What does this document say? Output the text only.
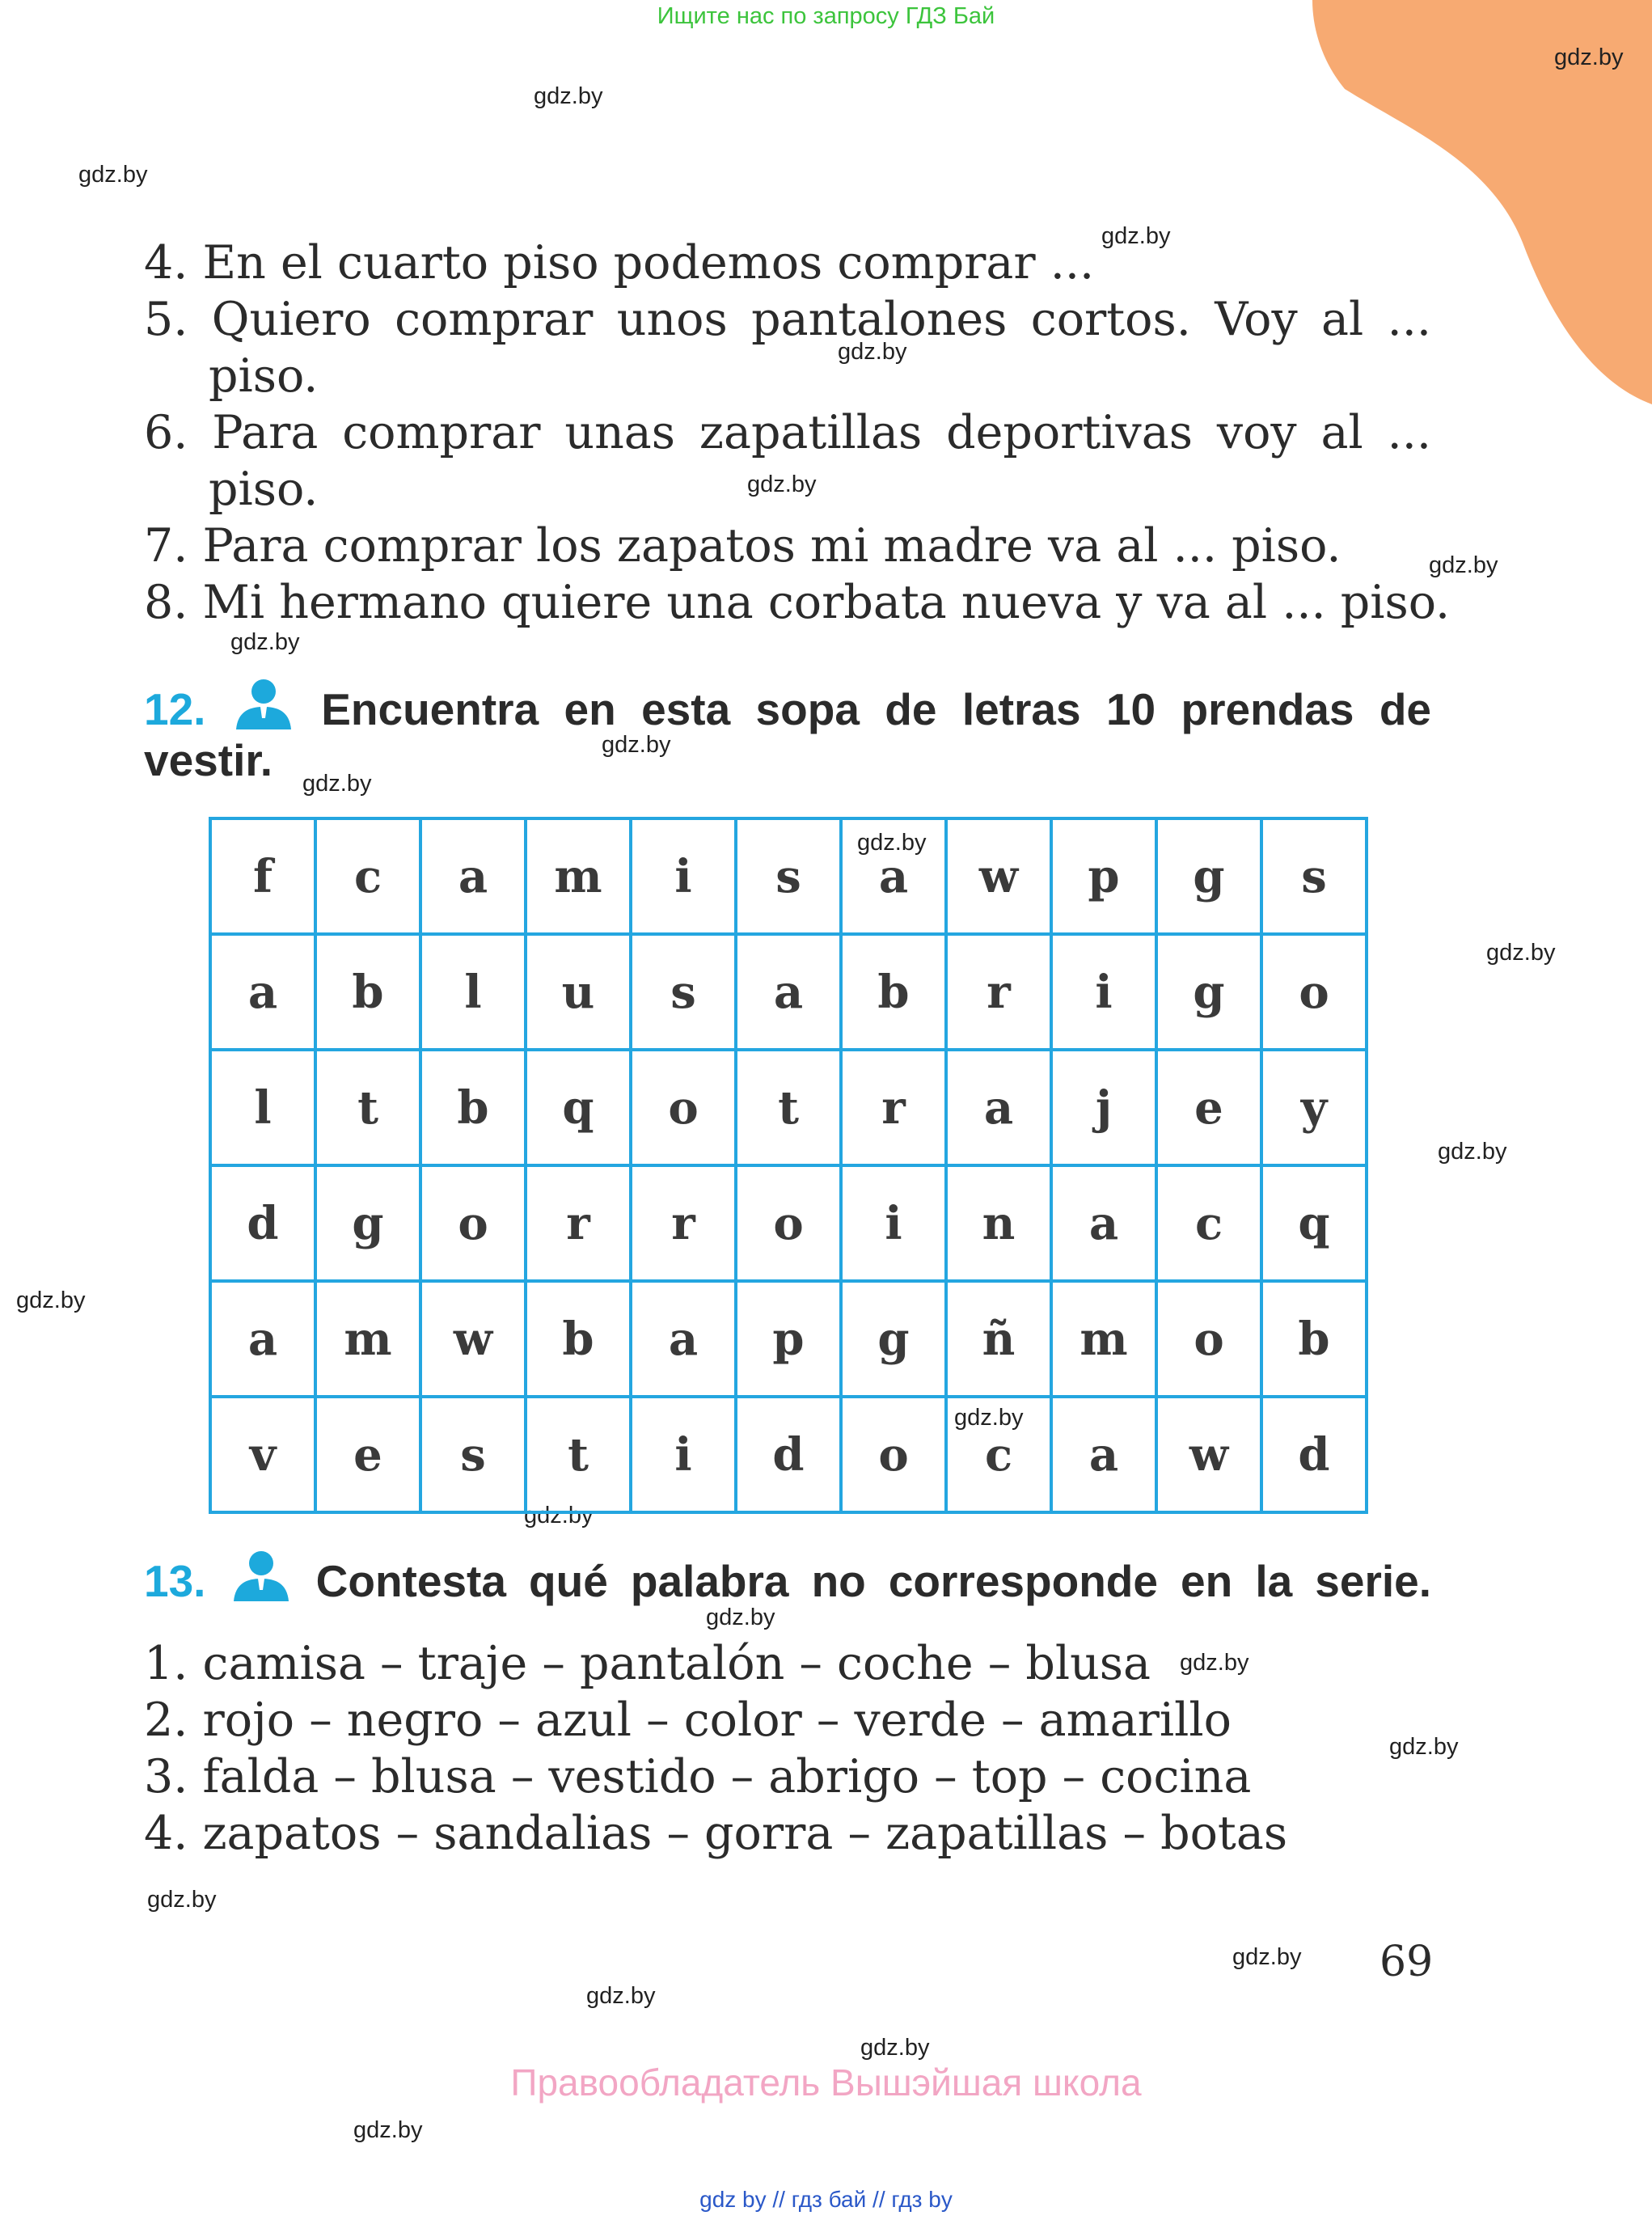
Ищите нас по запросу ГДЗ Бай
gdz.by
gdz.by
gdz.by
gdz.by
gdz.by
gdz.by
gdz.by
gdz.by
gdz.by
gdz.by
gdz.by
gdz.by
gdz.by
gdz.by
gdz.by
gdz.by
gdz.by
gdz.by
gdz.by
gdz.by
gdz.by
gdz.by
gdz.by
gdz.by
4. En el cuarto piso podemos comprar ...
5. Quiero comprar unos pantalones cortos. Voy al ...
piso.
6. Para comprar unas zapatillas deportivas voy al ...
piso.
7. Para comprar los zapatos mi madre va al ... piso.
8. Mi hermano quiere una corbata nueva y va al ... piso.
12.	Encuentra en esta sopa de letras 10 prendas de
vestir.
f	c	a	m	i	s	a	w	p	g	s
a	b	l	u	s	a	b	r	i	g	o
l	t	b	q	o	t	r	a	j	e	y
d	g	o	r	r	o	i	n	a	c	q
a	m	w	b	a	p	g	ñ	m	o	b
v	e	s	t	i	d	o	c	a	w	d
13. Contesta qué palabra no corresponde en la serie.
1. camisa – traje – pantalón – coche – blusa
2. rojo – negro – azul – color – verde – amarillo
3. falda – blusa – vestido – abrigo – top – cocina
4. zapatos – sandalias – gorra – zapatillas – botas
69
Правообладатель Вышэйшая школа
gdz by // гдз бай // гдз by
